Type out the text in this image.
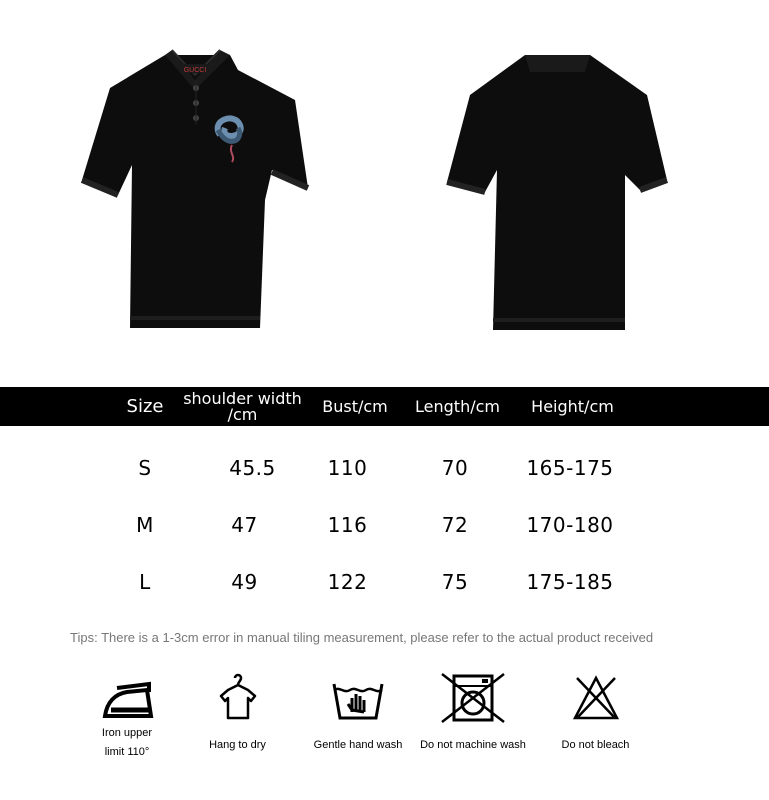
GUCCI
Size	shoulder width /cm	Bust/cm	Length/cm	Height/cm
S	45.5	110	70	165-175
M	47	116	72	170-180
L	49	122	75	175-185
Tips: There is a 1-3cm error in manual tiling measurement, please refer to the actual product received
Iron upper
limit 110°
Hang to dry	Gentle hand wash	Do not machine wash	Do not bleach
